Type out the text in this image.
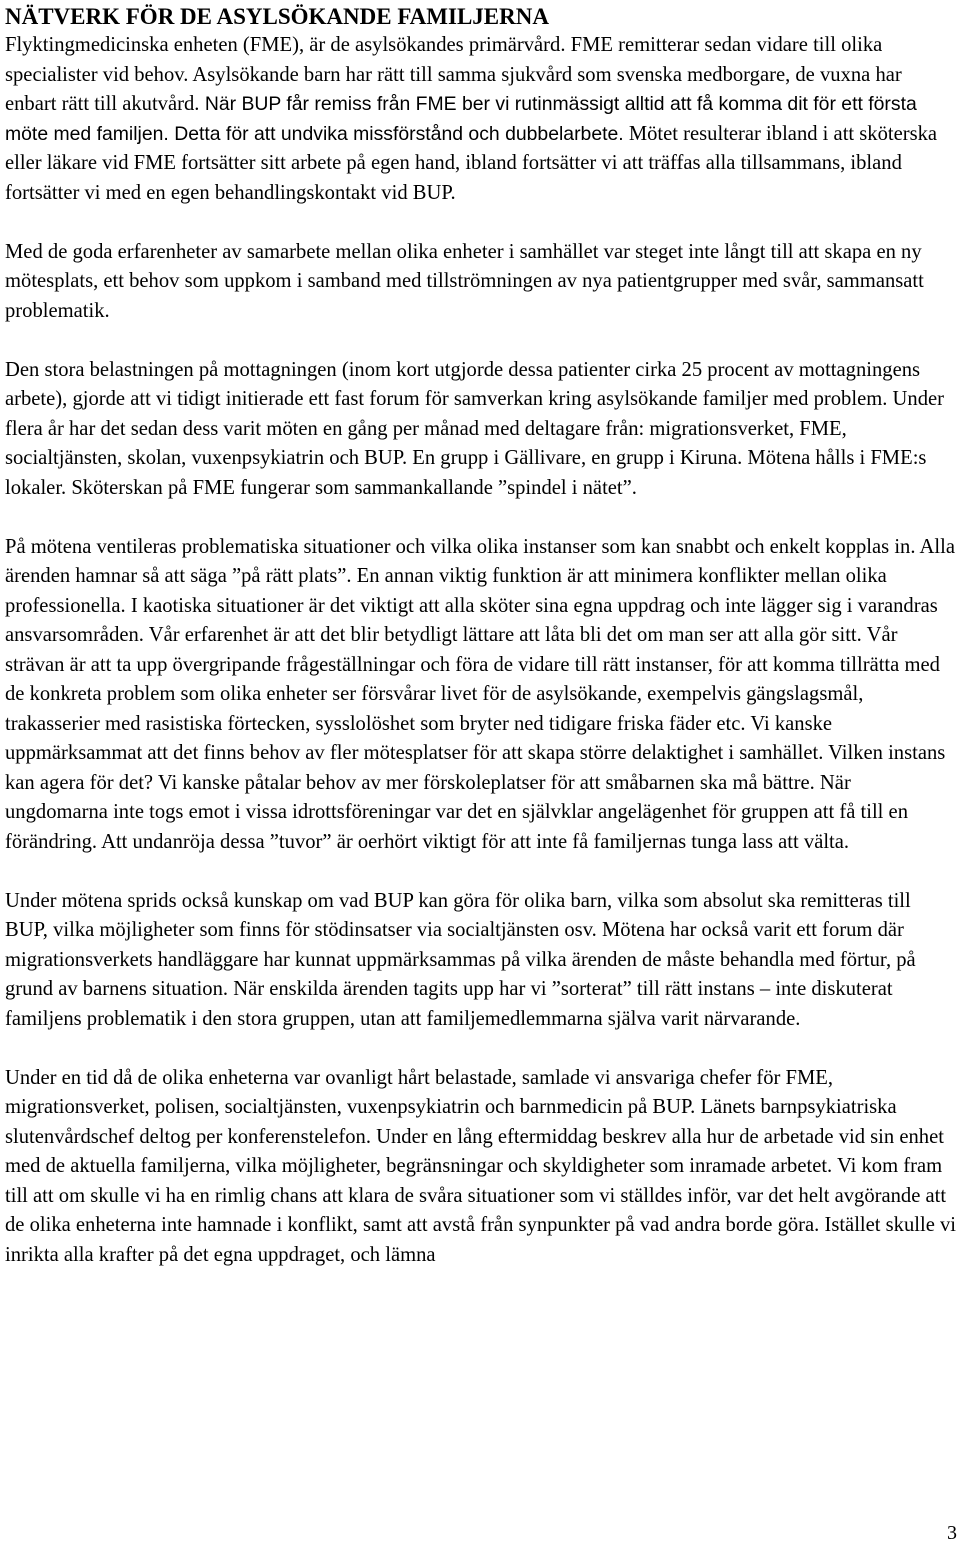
NÄTVERK FÖR DE ASYLSÖKANDE FAMILJERNA

Flyktingmedicinska enheten (FME), är de asylsökandes primärvård. FME remitterar sedan vidare till olika specialister vid behov. Asylsökande barn har rätt till samma sjukvård som svenska medborgare, de vuxna har enbart rätt till akutvård. När BUP får remiss från FME ber vi rutinmässigt alltid att få komma dit för ett första möte med familjen. Detta för att undvika missförstånd och dubbelarbete. Mötet resulterar ibland i att sköterska eller läkare vid FME fortsätter sitt arbete på egen hand, ibland fortsätter vi att träffas alla tillsammans, ibland fortsätter vi med en egen behandlingskontakt vid BUP.

Med de goda erfarenheter av samarbete mellan olika enheter i samhället var steget inte långt till att skapa en ny mötesplats, ett behov som uppkom i samband med tillströmningen av nya patientgrupper med svår, sammansatt problematik.

Den stora belastningen på mottagningen (inom kort utgjorde dessa patienter cirka 25 procent av mottagningens arbete), gjorde att vi tidigt initierade ett fast forum för samverkan kring asylsökande familjer med problem. Under flera år har det sedan dess varit möten en gång per månad med deltagare från: migrationsverket, FME, socialtjänsten, skolan, vuxenpsykiatrin och BUP. En grupp i Gällivare, en grupp i Kiruna. Mötena hålls i FME:s lokaler. Sköterskan på FME fungerar som sammankallande ”spindel i nätet”.

På mötena ventileras problematiska situationer och vilka olika instanser som kan snabbt och enkelt kopplas in. Alla ärenden hamnar så att säga ”på rätt plats”. En annan viktig funktion är att minimera konflikter mellan olika professionella. I kaotiska situationer är det viktigt att alla sköter sina egna uppdrag och inte lägger sig i varandras ansvarsområden. Vår erfarenhet är att det blir betydligt lättare att låta bli det om man ser att alla gör sitt. Vår strävan är att ta upp övergripande frågeställningar och föra de vidare till rätt instanser, för att komma tillrätta med de konkreta problem som olika enheter ser försvårar livet för de asylsökande, exempelvis gängslagsmål, trakasserier med rasistiska förtecken, sysslolöshet som bryter ned tidigare friska fäder etc. Vi kanske uppmärksammat att det finns behov av fler mötesplatser för att skapa större delaktighet i samhället. Vilken instans kan agera för det? Vi kanske påtalar behov av mer förskoleplatser för att småbarnen ska må bättre. När ungdomarna inte togs emot i vissa idrottsföreningar var det en självklar angelägenhet för gruppen att få till en förändring. Att undanröja dessa ”tuvor” är oerhört viktigt för att inte få familjernas tunga lass att välta.

Under mötena sprids också kunskap om vad BUP kan göra för olika barn, vilka som absolut ska remitteras till BUP, vilka möjligheter som finns för stödinsatser via socialtjänsten osv. Mötena har också varit ett forum där migrationsverkets handläggare har kunnat uppmärksammas på vilka ärenden de måste behandla med förtur, på grund av barnens situation. När enskilda ärenden tagits upp har vi ”sorterat” till rätt instans – inte diskuterat familjens problematik i den stora gruppen, utan att familjemedlemmarna själva varit närvarande.

Under en tid då de olika enheterna var ovanligt hårt belastade, samlade vi ansvariga chefer för FME, migrationsverket, polisen, socialtjänsten, vuxenpsykiatrin och barnmedicin på BUP. Länets barnpsykiatriska slutenvårdschef deltog per konferenstelefon. Under en lång eftermiddag beskrev alla hur de arbetade vid sin enhet med de aktuella familjerna, vilka möjligheter, begränsningar och skyldigheter som inramade arbetet. Vi kom fram till att om skulle vi ha en rimlig chans att klara de svåra situationer som vi ställdes inför, var det helt avgörande att de olika enheterna inte hamnade i konflikt, samt att avstå från synpunkter på vad andra borde göra. Istället skulle vi inrikta alla krafter på det egna uppdraget, och lämna

3
